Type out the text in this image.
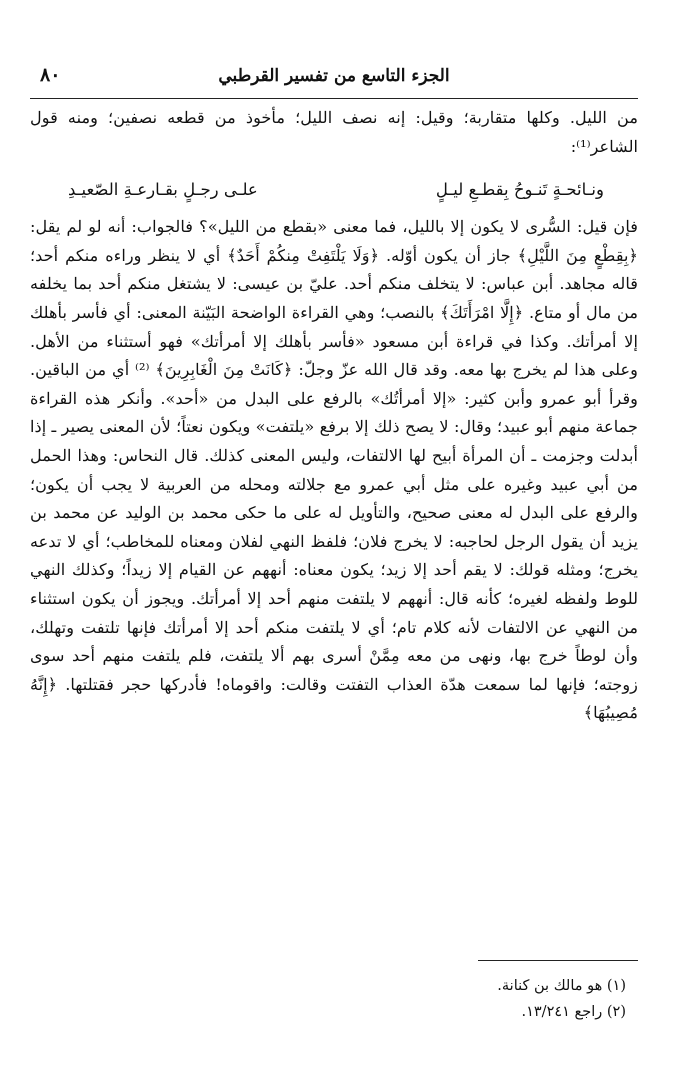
٨٠	الجزء التاسع من تفسير القرطبي

من الليل. وكلها متقاربة؛ وقيل: إنه نصف الليل؛ مأخوذ من قطعه نصفين؛ ومنه قول الشاعر⁽¹⁾:

ونـائحـةٍ تَنـوحُ بِقطـعِ ليـلٍ
علـى رجـلٍ بقـارعـةِ الصّعيـدِ

فإن قيل: السُّرى لا يكون إلا بالليل، فما معنى «بقطع من الليل»؟ فالجواب: أنه لو لم يقل: ﴿بِقِطْعٍ مِنَ اللَّيْلِ﴾ جاز أن يكون أوّله. ﴿وَلَا يَلْتَفِتْ مِنكُمْ أَحَدٌ﴾ أي لا ينظر وراءه منكم أحد؛ قاله مجاهد. أبن عباس: لا يتخلف منكم أحد. عليّ بن عيسى: لا يشتغل منكم أحد بما يخلفه من مال أو متاع. ﴿إِلَّا امْرَأَتَكَ﴾ بالنصب؛ وهي القراءة الواضحة البَيّنة المعنى: أي فأسر بأهلك إلا أمرأتك. وكذا في قراءة أبن مسعود «فأسر بأهلك إلا أمرأتك» فهو أستثناء من الأهل. وعلى هذا لم يخرج بها معه. وقد قال الله عزّ وجلّ: ﴿كَانَتْ مِنَ الْغَابِرِينَ﴾ ⁽²⁾ أي من الباقين. وقرأ أبو عمرو وأبن كثير: «إلا أمرأتُك» بالرفع على البدل من «أحد». وأنكر هذه القراءة جماعة منهم أبو عبيد؛ وقال: لا يصح ذلك إلا برفع «يلتفت» ويكون نعتاً؛ لأن المعنى يصير ـ إذا أبدلت وجزمت ـ أن المرأة أبيح لها الالتفات، وليس المعنى كذلك. قال النحاس: وهذا الحمل من أبي عبيد وغيره على مثل أبي عمرو مع جلالته ومحله من العربية لا يجب أن يكون؛ والرفع على البدل له معنى صحيح، والتأويل له على ما حكى محمد بن الوليد عن محمد بن يزيد أن يقول الرجل لحاجبه: لا يخرج فلان؛ فلفظ النهي لفلان ومعناه للمخاطب؛ أي لا تدعه يخرج؛ ومثله قولك: لا يقم أحد إلا زيد؛ يكون معناه: أنههم عن القيام إلا زيداً؛ وكذلك النهي للوط ولفظه لغيره؛ كأنه قال: أنههم لا يلتفت منهم أحد إلا أمرأتك. ويجوز أن يكون استثناء من النهي عن الالتفات لأنه كلام تام؛ أي لا يلتفت منكم أحد إلا أمرأتك فإنها تلتفت وتهلك، وأن لوطاً خرج بها، ونهى من معه مِمَّنْ أسرى بهم ألا يلتفت، فلم يلتفت منهم أحد سوى زوجته؛ فإنها لما سمعت هدّة العذاب التفتت وقالت: واقوماه! فأدركها حجر فقتلتها. ﴿إِنَّهُ مُصِيبُهَا﴾

(١) هو مالك بن كنانة.

(٢) راجع ١٣/٢٤١.
